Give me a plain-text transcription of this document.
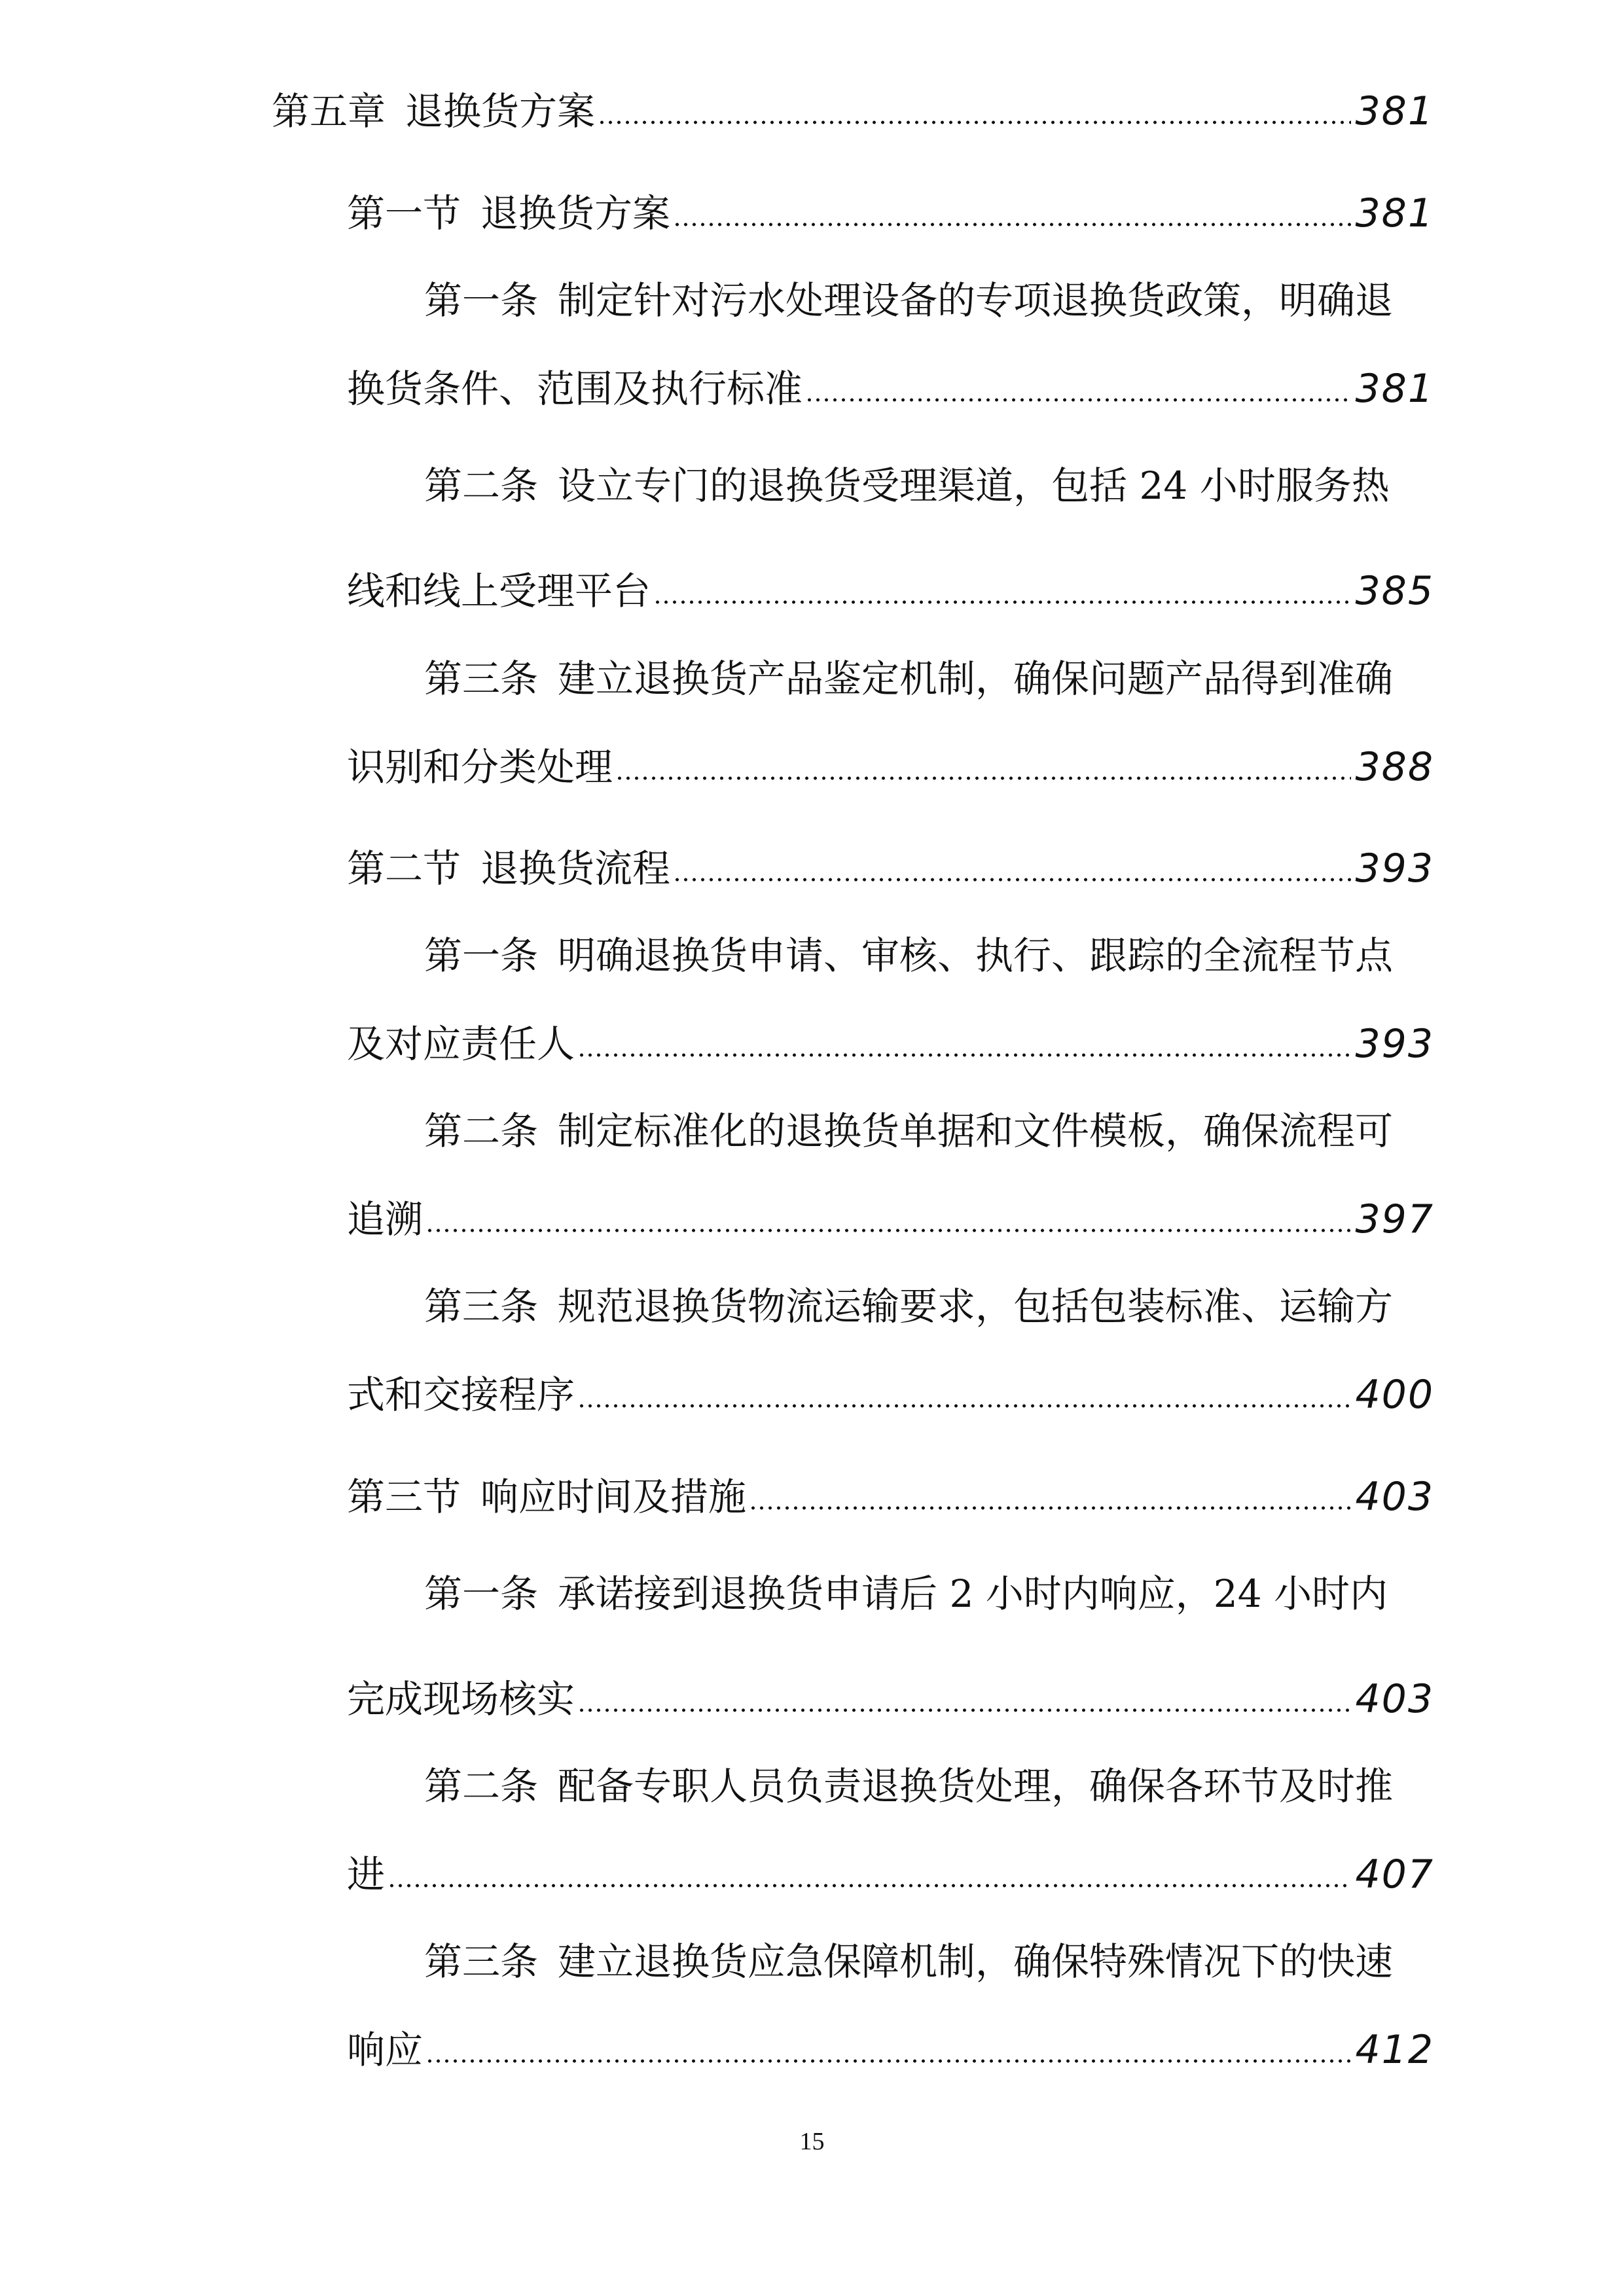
第五章 退换货方案	381
第一节 退换货方案	381
第一条 制定针对污水处理设备的专项退换货政策，明确退
换货条件、范围及执行标准	381
第二条 设立专门的退换货受理渠道，包括 24 小时服务热
线和线上受理平台	385
第三条 建立退换货产品鉴定机制，确保问题产品得到准确
识别和分类处理	388
第二节 退换货流程	393
第一条 明确退换货申请、审核、执行、跟踪的全流程节点
及对应责任人	393
第二条 制定标准化的退换货单据和文件模板，确保流程可
追溯	397
第三条 规范退换货物流运输要求，包括包装标准、运输方
式和交接程序	400
第三节 响应时间及措施	403
第一条 承诺接到退换货申请后 2 小时内响应，24 小时内
完成现场核实	403
第二条 配备专职人员负责退换货处理，确保各环节及时推
进	407
第三条 建立退换货应急保障机制，确保特殊情况下的快速
响应	412
15
